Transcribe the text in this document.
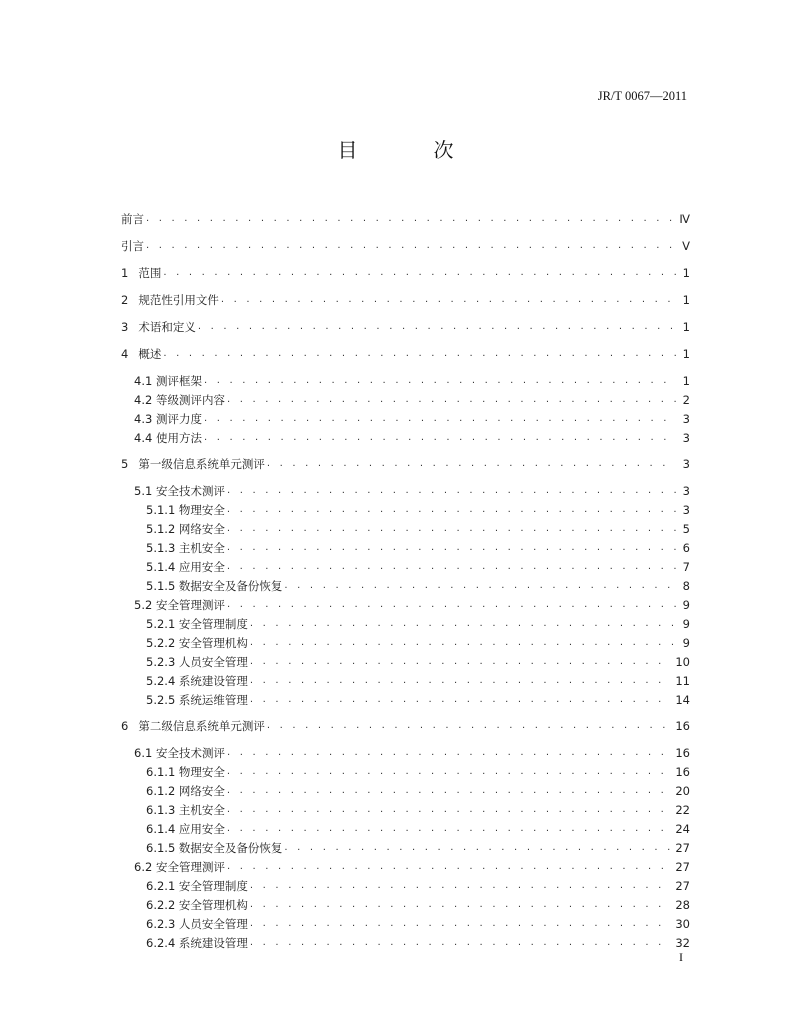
JR/T 0067—2011
目　次
前言 . . .	Ⅳ
引言 . . .	Ⅴ
1 范围 . . .	1
2 规范性引用文件 . . .	1
3 术语和定义 . . .	1
4 概述 . . .	1
4.1 测评框架 . . .	1
4.2 等级测评内容 . . .	2
4.3 测评力度 . . .	3
4.4 使用方法 . . .	3
5 第一级信息系统单元测评 . . .	3
5.1 安全技术测评 . . .	3
5.1.1 物理安全 . . .	3
5.1.2 网络安全 . . .	5
5.1.3 主机安全 . . .	6
5.1.4 应用安全 . . .	7
5.1.5 数据安全及备份恢复 . . .	8
5.2 安全管理测评 . . .	9
5.2.1 安全管理制度 . . .	9
5.2.2 安全管理机构 . . .	9
5.2.3 人员安全管理 . . .	10
5.2.4 系统建设管理 . . .	11
5.2.5 系统运维管理 . . .	14
6 第二级信息系统单元测评 . . .	16
6.1 安全技术测评 . . .	16
6.1.1 物理安全 . . .	16
6.1.2 网络安全 . . .	20
6.1.3 主机安全 . . .	22
6.1.4 应用安全 . . .	24
6.1.5 数据安全及备份恢复 . . .	27
6.2 安全管理测评 . . .	27
6.2.1 安全管理制度 . . .	27
6.2.2 安全管理机构 . . .	28
6.2.3 人员安全管理 . . .	30
6.2.4 系统建设管理 . . .	32
I
